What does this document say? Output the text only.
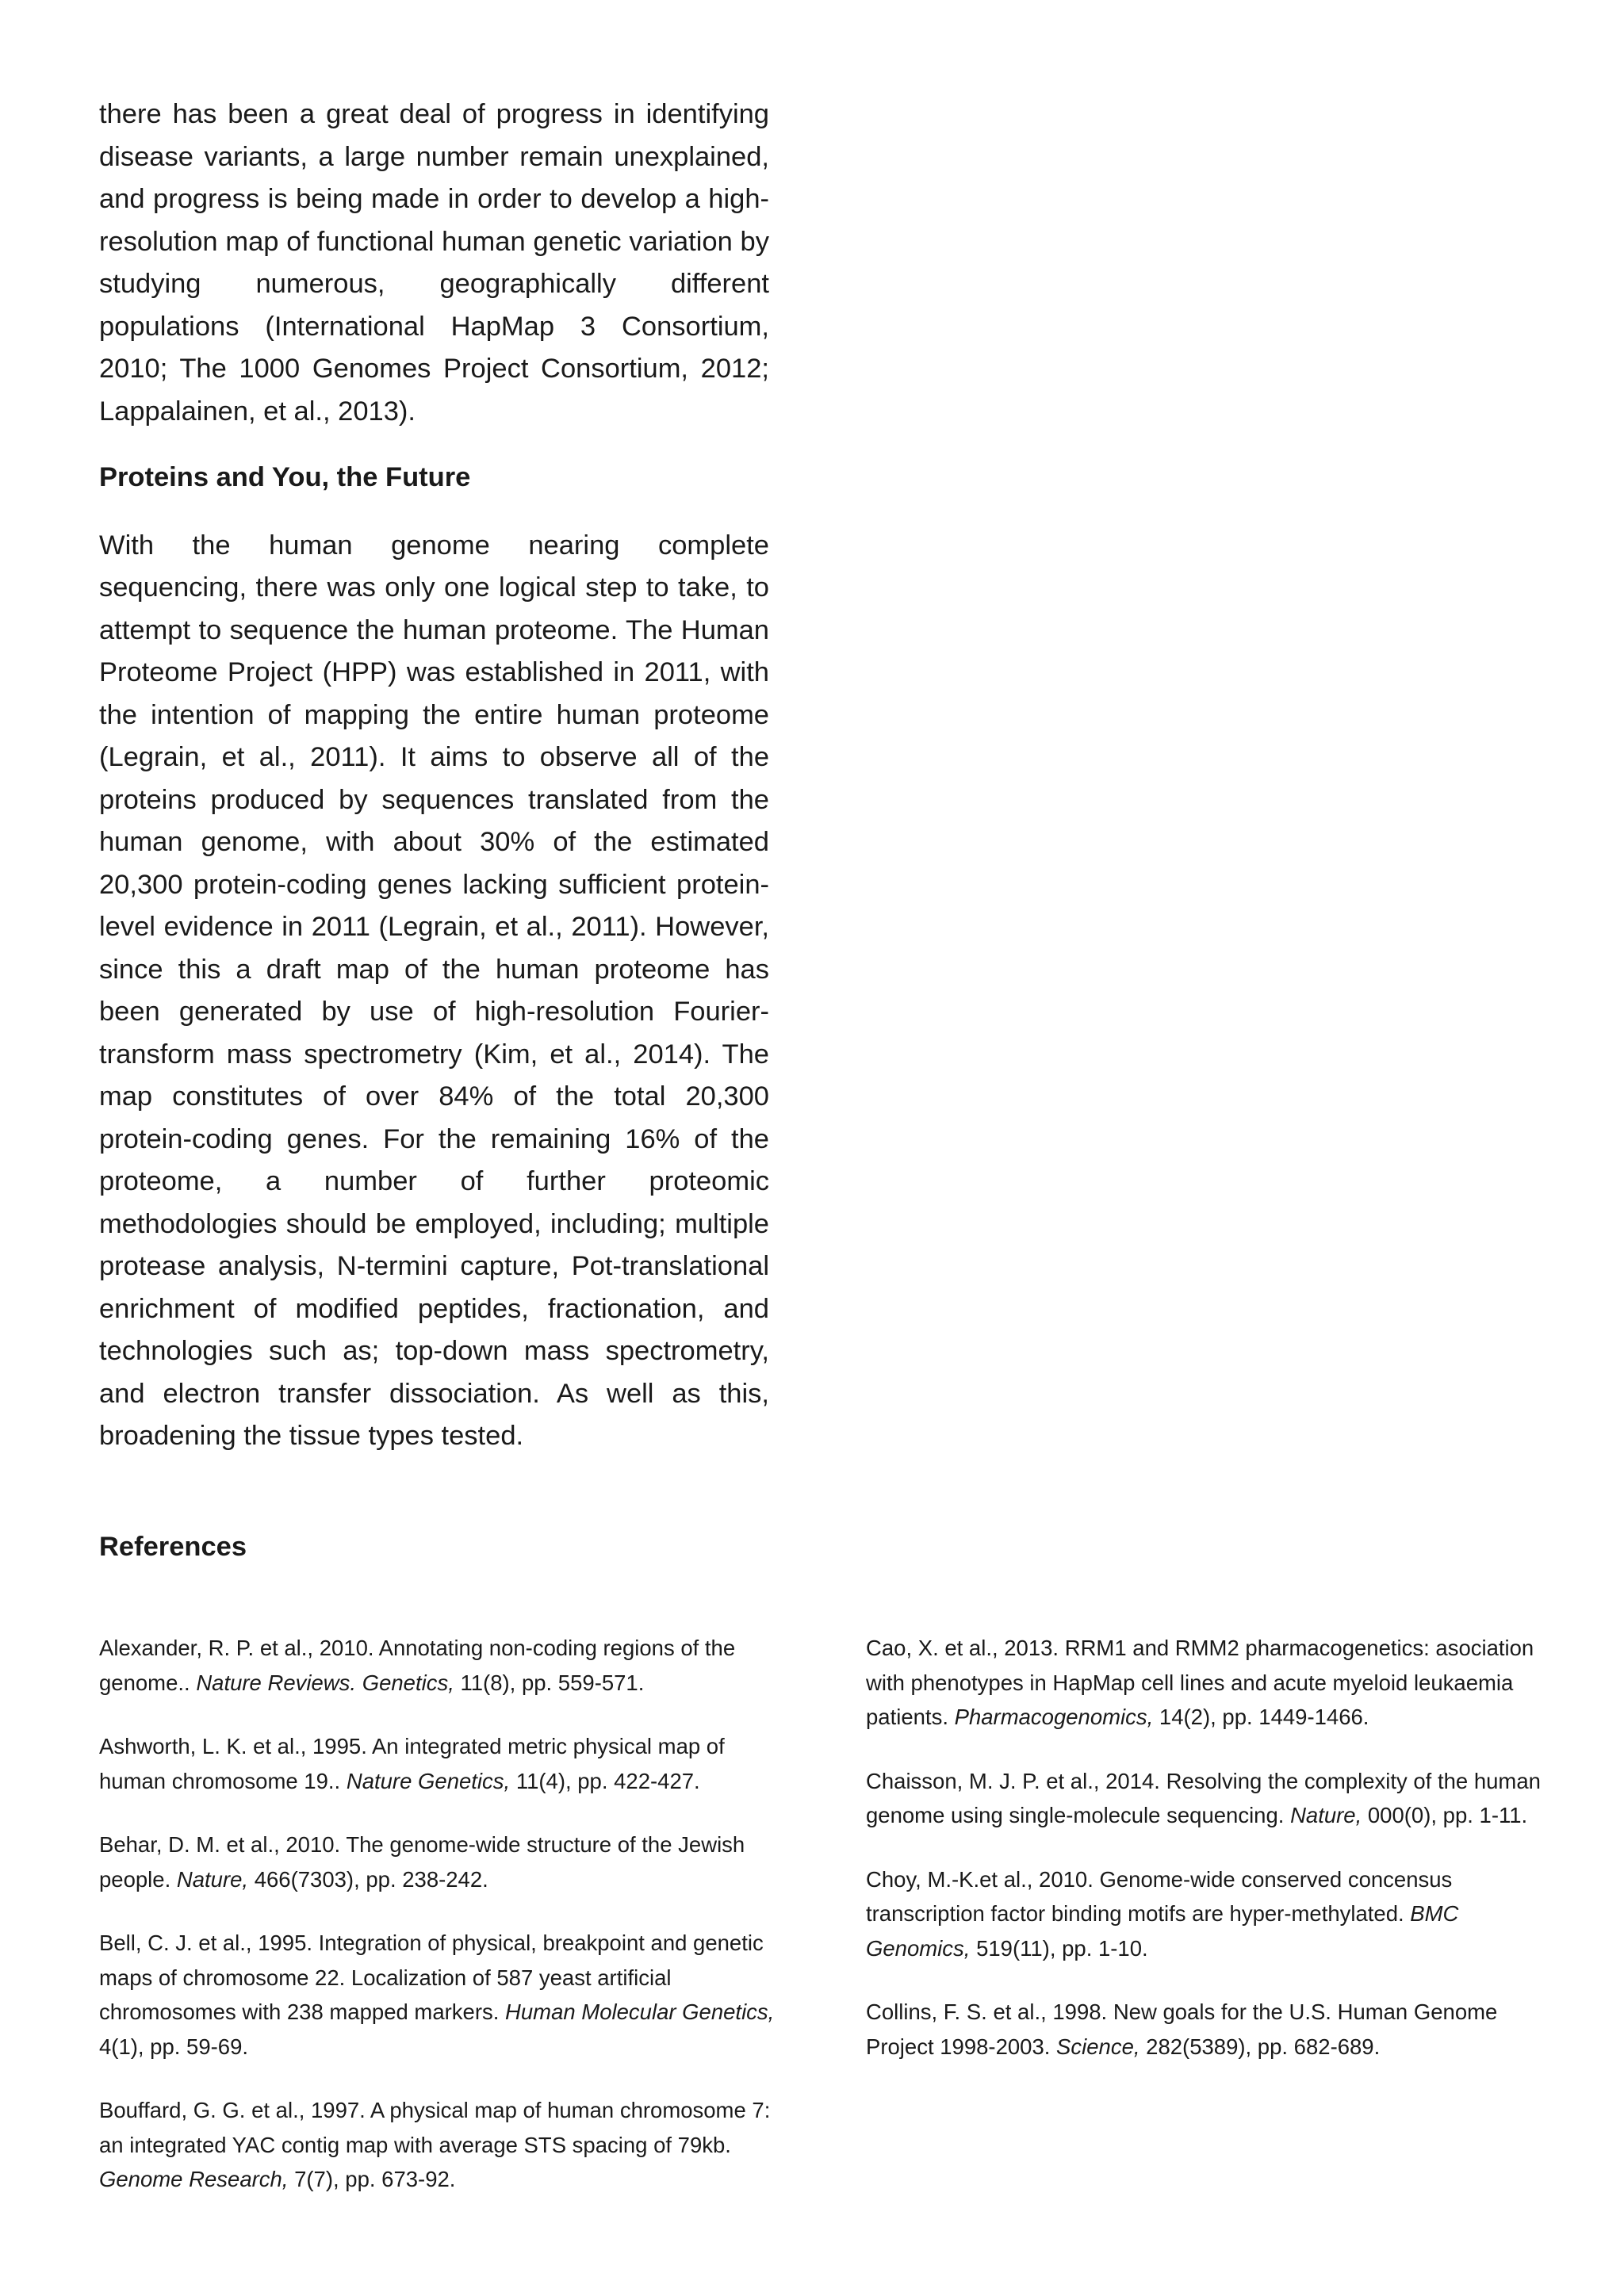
there has been a great deal of progress in identifying disease variants, a large number remain unexplained, and progress is being made in order to develop a high-resolution map of functional human genetic variation by studying numerous, geographically different populations (International HapMap 3 Consortium, 2010; The 1000 Genomes Project Consortium, 2012; Lappalainen, et al., 2013).

Proteins and You, the Future

With the human genome nearing complete sequencing, there was only one logical step to take, to attempt to sequence the human proteome. The Human Proteome Project (HPP) was established in 2011, with the intention of mapping the entire human proteome (Legrain, et al., 2011). It aims to observe all of the proteins produced by sequences translated from the human genome, with about 30% of the estimated 20,300 protein-coding genes lacking sufficient protein-level evidence in 2011 (Legrain, et al., 2011). However, since this a draft map of the human proteome has been generated by use of high-resolution Fourier-transform mass spectrometry (Kim, et al., 2014). The map constitutes of over 84% of the total 20,300 protein-coding genes. For the remaining 16% of the proteome, a number of further proteomic methodologies should be employed, including; multiple protease analysis, N-termini capture, Pot-translational enrichment of modified peptides, fractionation, and technologies such as; top-down mass spectrometry, and electron transfer dissociation. As well as this, broadening the tissue types tested.

References

Alexander, R. P. et al., 2010. Annotating non-coding regions of the genome.. Nature Reviews. Genetics, 11(8), pp. 559-571.

Ashworth, L. K. et al., 1995. An integrated metric physical map of human chromosome 19.. Nature Genetics, 11(4), pp. 422-427.

Behar, D. M. et al., 2010. The genome-wide structure of the Jewish people. Nature, 466(7303), pp. 238-242.

Bell, C. J. et al., 1995. Integration of physical, breakpoint and genetic maps of chromosome 22. Localization of 587 yeast artificial chromosomes with 238 mapped markers. Human Molecular Genetics, 4(1), pp. 59-69.

Bouffard, G. G. et al., 1997. A physical map of human chromosome 7: an integrated YAC contig map with average STS spacing of 79kb. Genome Research, 7(7), pp. 673-92.

Cao, X. et al., 2013. RRM1 and RMM2 pharmacogenetics: asociation with phenotypes in HapMap cell lines and acute myeloid leukaemia patients. Pharmacogenomics, 14(2), pp. 1449-1466.

Chaisson, M. J. P. et al., 2014. Resolving the complexity of the human genome using single-molecule sequencing. Nature, 000(0), pp. 1-11.

Choy, M.-K.et al., 2010. Genome-wide conserved concensus transcription factor binding motifs are hyper-methylated. BMC Genomics, 519(11), pp. 1-10.

Collins, F. S. et al., 1998. New goals for the U.S. Human Genome Project 1998-2003. Science, 282(5389), pp. 682-689.
